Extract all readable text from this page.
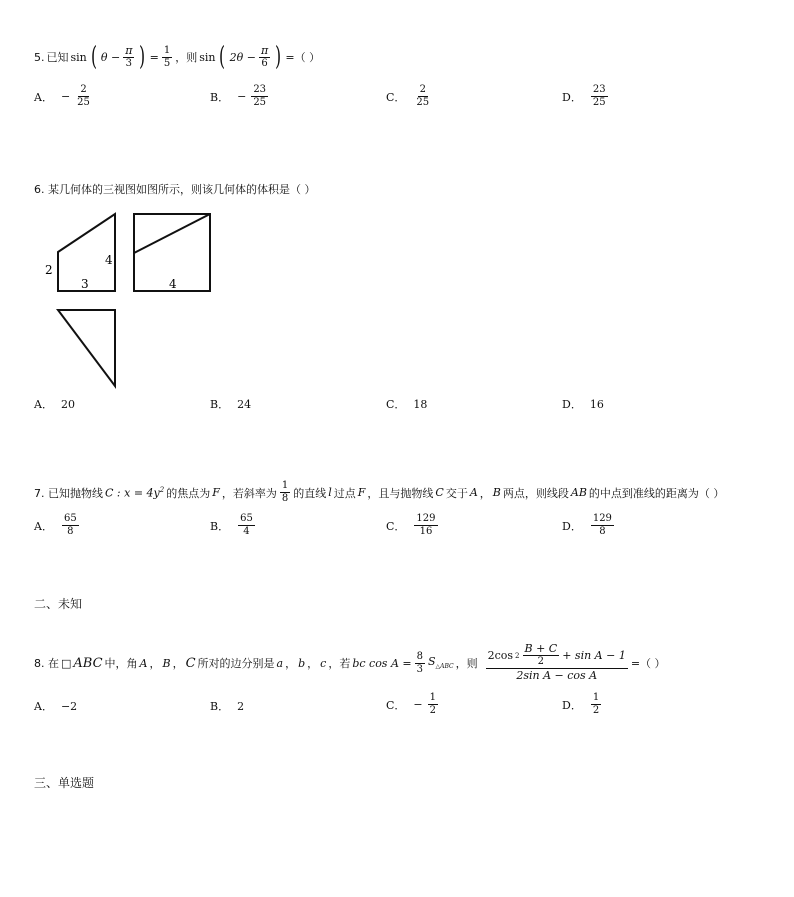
5. 已知 sin ( $\theta - \frac{\pi}{3}$ ) = $\frac{1}{5}$ ，则 sin ( $2\theta - \frac{\pi}{6}$ ) =（ ）
A． − $\frac{2}{25}$	B． − $\frac{23}{25}$	C． $\frac{2}{25}$	D． $\frac{23}{25}$
6. 某几何体的三视图如图所示，则该几何体的体积是（ ）
2
4
3	4
A． 20	B． 24	C． 18	D． 16
7. 已知抛物线 C : $x = 4y^2$ 的焦点为 F ，若斜率为 $\frac{1}{8}$ 的直线 l 过点 F ，且与抛物线 C 交于 A ， B 两点，则线段 AB 的中点到准线的距离为（ ）
A． $\frac{65}{8}$	B． $\frac{65}{4}$	C． $\frac{129}{16}$	D． $\frac{129}{8}$
二、未知
8. 在 □ ABC 中，角 A ， B ， C 所对的边分别是 a ， b ， c ，若 bc $\cos A = \frac{8}{3} S_{\triangle ABC}$ ，则 $\frac{2\cos 2 \frac{B + C}{2} + \sin A - 1}{\text{2sin A − cos A}}$ =（ ）
A． −2	B． 2	C． − $\frac{1}{2}$	D． $\frac{1}{2}$
三、单选题
